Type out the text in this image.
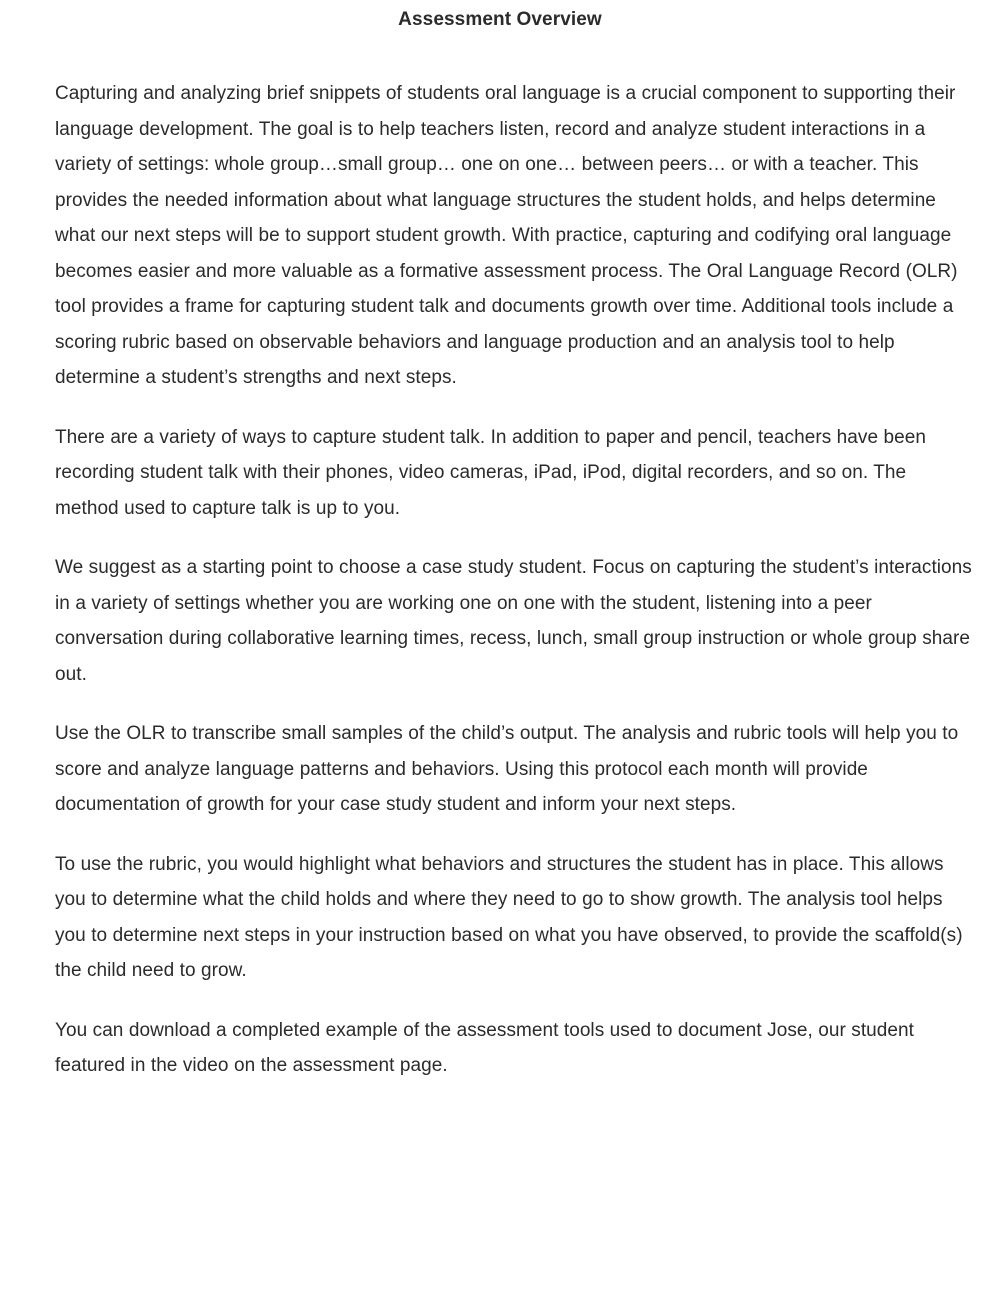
Assessment Overview

Capturing and analyzing brief snippets of students oral language is a crucial component to supporting their language development. The goal is to help teachers listen, record and analyze student interactions in a variety of settings: whole group…small group… one on one… between peers… or with a teacher. This provides the needed information about what language structures the student holds, and helps determine what our next steps will be to support student growth. With practice, capturing and codifying oral language becomes easier and more valuable as a formative assessment process. The Oral Language Record (OLR) tool provides a frame for capturing student talk and documents growth over time. Additional tools include a scoring rubric based on observable behaviors and language production and an analysis tool to help determine a student’s strengths and next steps.

There are a variety of ways to capture student talk. In addition to paper and pencil, teachers have been recording student talk with their phones, video cameras, iPad, iPod, digital recorders, and so on. The method used to capture talk is up to you.

We suggest as a starting point to choose a case study student. Focus on capturing the student’s interactions in a variety of settings whether you are working one on one with the student, listening into a peer conversation during collaborative learning times, recess, lunch, small group instruction or whole group share out.

Use the OLR to transcribe small samples of the child’s output. The analysis and rubric tools will help you to score and analyze language patterns and behaviors. Using this protocol each month will provide documentation of growth for your case study student and inform your next steps.

To use the rubric, you would highlight what behaviors and structures the student has in place. This allows you to determine what the child holds and where they need to go to show growth. The analysis tool helps you to determine next steps in your instruction based on what you have observed, to provide the scaffold(s) the child need to grow.

You can download a completed example of the assessment tools used to document Jose, our student featured in the video on the assessment page.
